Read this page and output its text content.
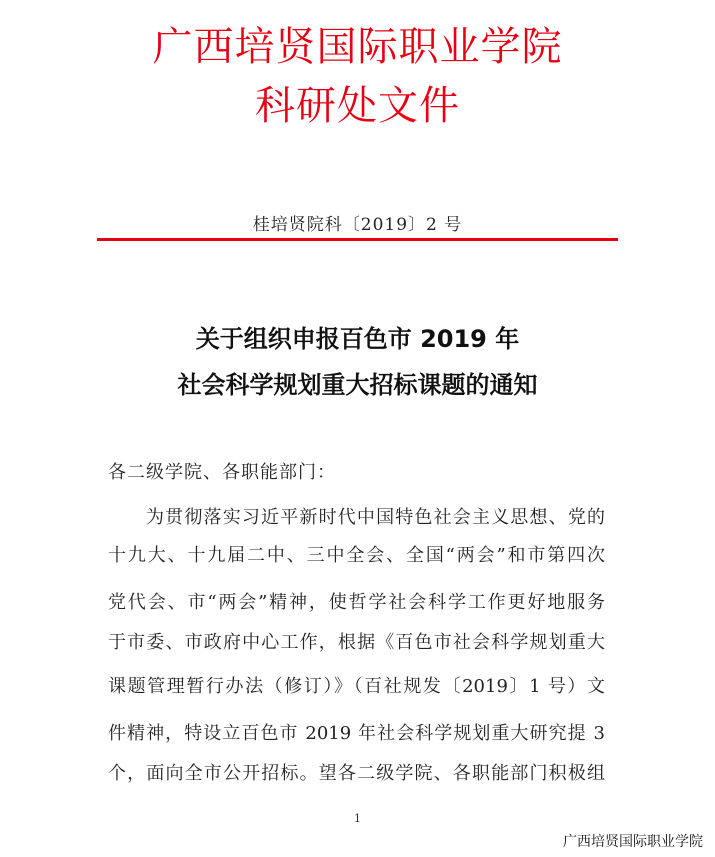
广西培贤国际职业学院
科研处文件
桂培贤院科〔2019〕2 号
关于组织申报百色市 2019 年
社会科学规划重大招标课题的通知
各二级学院、各职能部门：
为贯彻落实习近平新时代中国特色社会主义思想、党的
十九大、十九届二中、三中全会、全国“两会”和市第四次
党代会、市“两会”精神，使哲学社会科学工作更好地服务
于市委、市政府中心工作，根据《百色市社会科学规划重大
课题管理暂行办法（修订）》（百社规发〔2019〕1 号）文
件精神，特设立百色市 2019 年社会科学规划重大研究提 3
个，面向全市公开招标。望各二级学院、各职能部门积极组
1
广西培贤国际职业学院
